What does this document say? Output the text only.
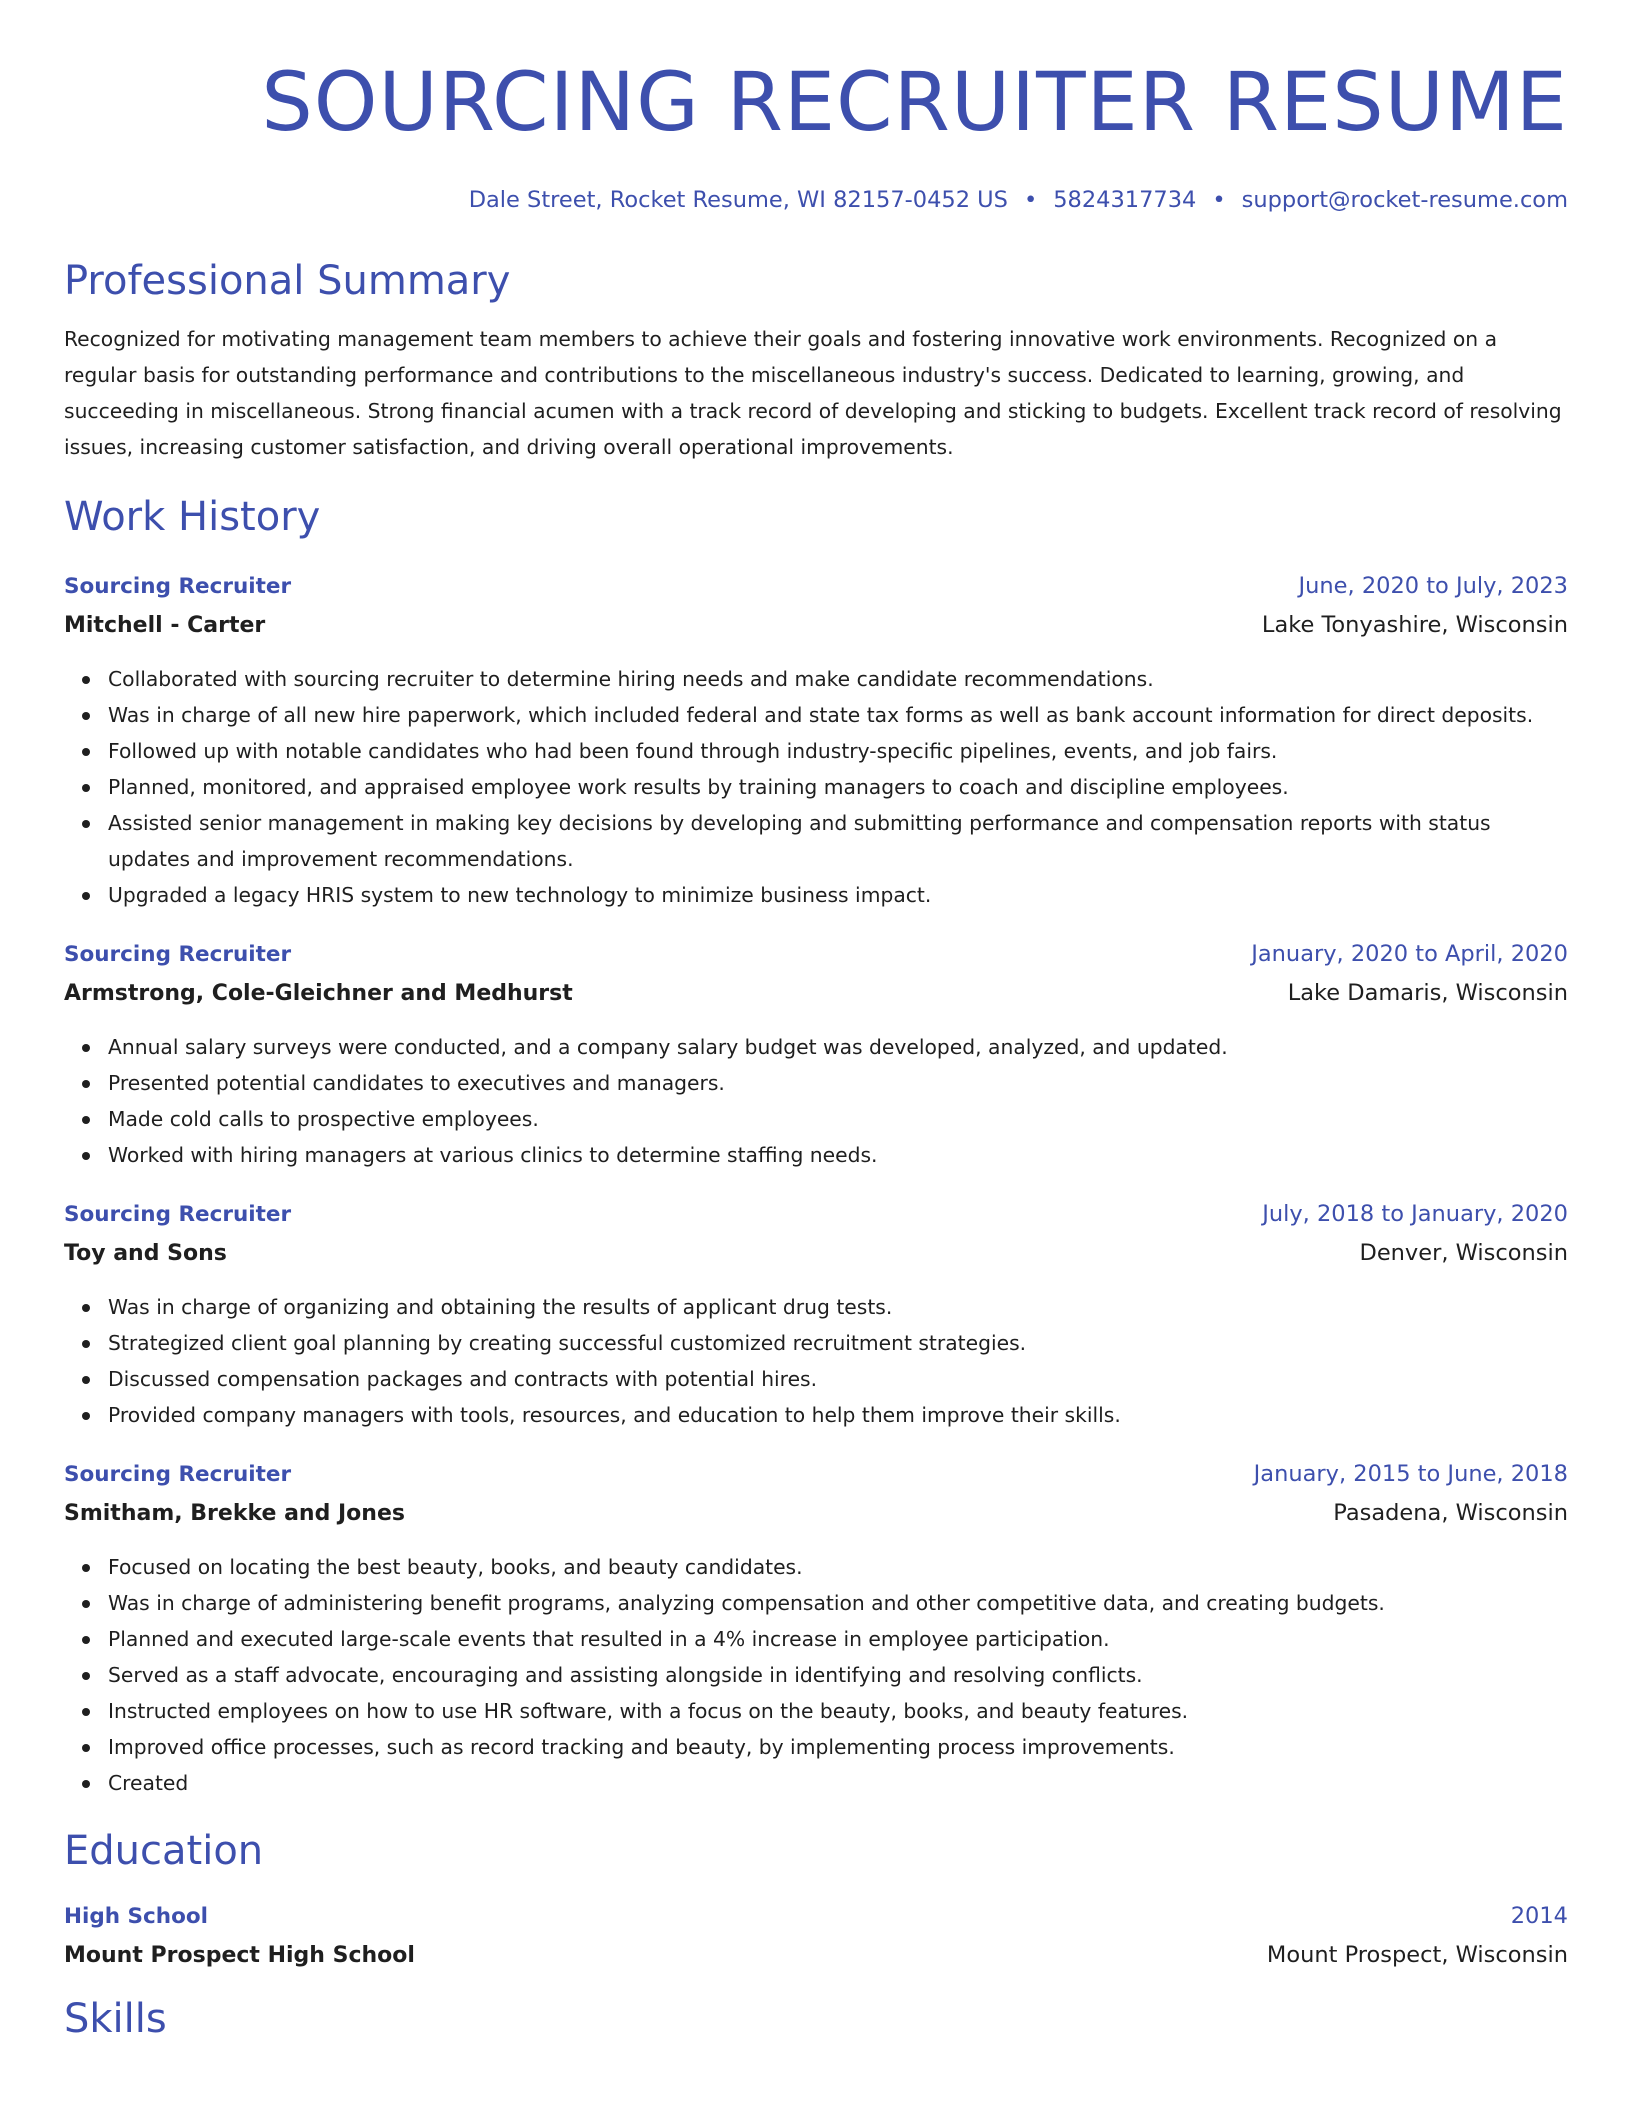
SOURCING RECRUITER RESUME
Dale Street, Rocket Resume, WI 82157-0452 US • 5824317734 • support@rocket-resume.com
Professional Summary
Recognized for motivating management team members to achieve their goals and fostering innovative work environments. Recognized on a regular basis for outstanding performance and contributions to the miscellaneous industry's success. Dedicated to learning, growing, and succeeding in miscellaneous. Strong financial acumen with a track record of developing and sticking to budgets. Excellent track record of resolving issues, increasing customer satisfaction, and driving overall operational improvements.
Work History
Sourcing Recruiter	June, 2020 to July, 2023
Mitchell - Carter	Lake Tonyashire, Wisconsin
Collaborated with sourcing recruiter to determine hiring needs and make candidate recommendations.
Was in charge of all new hire paperwork, which included federal and state tax forms as well as bank account information for direct deposits.
Followed up with notable candidates who had been found through industry-specific pipelines, events, and job fairs.
Planned, monitored, and appraised employee work results by training managers to coach and discipline employees.
Assisted senior management in making key decisions by developing and submitting performance and compensation reports with status updates and improvement recommendations.
Upgraded a legacy HRIS system to new technology to minimize business impact.
Sourcing Recruiter	January, 2020 to April, 2020
Armstrong, Cole-Gleichner and Medhurst	Lake Damaris, Wisconsin
Annual salary surveys were conducted, and a company salary budget was developed, analyzed, and updated.
Presented potential candidates to executives and managers.
Made cold calls to prospective employees.
Worked with hiring managers at various clinics to determine staffing needs.
Sourcing Recruiter	July, 2018 to January, 2020
Toy and Sons	Denver, Wisconsin
Was in charge of organizing and obtaining the results of applicant drug tests.
Strategized client goal planning by creating successful customized recruitment strategies.
Discussed compensation packages and contracts with potential hires.
Provided company managers with tools, resources, and education to help them improve their skills.
Sourcing Recruiter	January, 2015 to June, 2018
Smitham, Brekke and Jones	Pasadena, Wisconsin
Focused on locating the best beauty, books, and beauty candidates.
Was in charge of administering benefit programs, analyzing compensation and other competitive data, and creating budgets.
Planned and executed large-scale events that resulted in a 4% increase in employee participation.
Served as a staff advocate, encouraging and assisting alongside in identifying and resolving conflicts.
Instructed employees on how to use HR software, with a focus on the beauty, books, and beauty features.
Improved office processes, such as record tracking and beauty, by implementing process improvements.
Created
Education
High School	2014
Mount Prospect High School	Mount Prospect, Wisconsin
Skills
